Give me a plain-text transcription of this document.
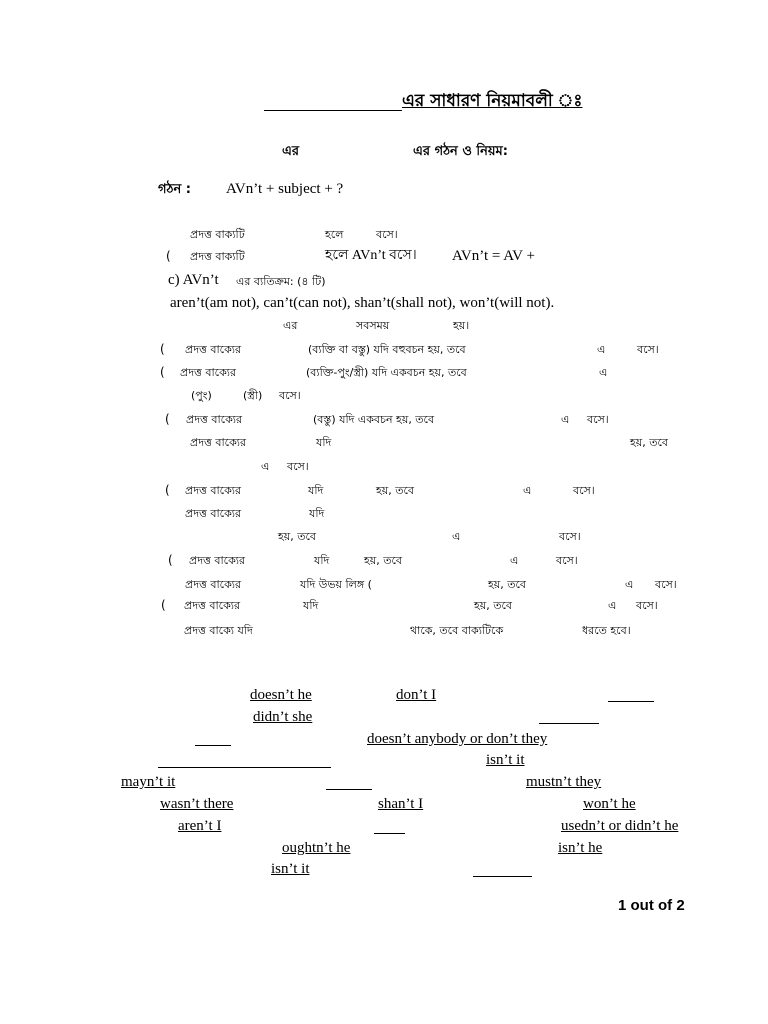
এর সাধারণ নিয়মাবলী ঃ
এর	এর গঠন ও নিয়ম:
গঠন : AVn’t + subject + ?
প্রদত্ত বাক্যটি	হলে	বসে।
( প্রদত্ত বাক্যটি	হলে AVn’t বসে। AVn’t = AV +
c) AVn’t এর ব্যতিক্রম: (৪ টি)
aren’t(am not), can’t(can not), shan’t(shall not), won’t(will not).
এর	সবসময়	হয়।
( প্রদত্ত বাক্যের	(ব্যক্তি বা বস্তু) যদি বহুবচন হয়, তবে	এ	বসে।
( প্রদত্ত বাক্যের	(ব্যক্তি-পুং/স্ত্রী) যদি একবচন হয়, তবে	এ
(পুং)	(স্ত্রী) বসে।
( প্রদত্ত বাক্যের	(বস্তু) যদি একবচন হয়, তবে	এ বসে।
প্রদত্ত বাক্যের	যদি	হয়, তবে
এ বসে।
( প্রদত্ত বাক্যের	যদি	হয়, তবে	এ	বসে।
প্রদত্ত বাক্যের	যদি
হয়, তবে	এ	বসে।
( প্রদত্ত বাক্যের	যদি	হয়, তবে	এ	বসে।
প্রদত্ত বাক্যের	যদি উভয় লিঙ্গ (	হয়, তবে	এ বসে।
( প্রদত্ত বাক্যের	যদি	হয়, তবে	এ বসে।
প্রদত্ত বাক্যে যদি	থাকে, তবে বাক্যটিকে	ধরতে হবে।
doesn’t he	don’t I
didn’t she
doesn’t anybody or don’t they
isn’t it
mayn’t it	mustn’t they
wasn’t there	shan’t I	won’t he
aren’t I	usedn’t or didn’t he
oughtn’t he	isn’t he
isn’t it
1 out of 2
